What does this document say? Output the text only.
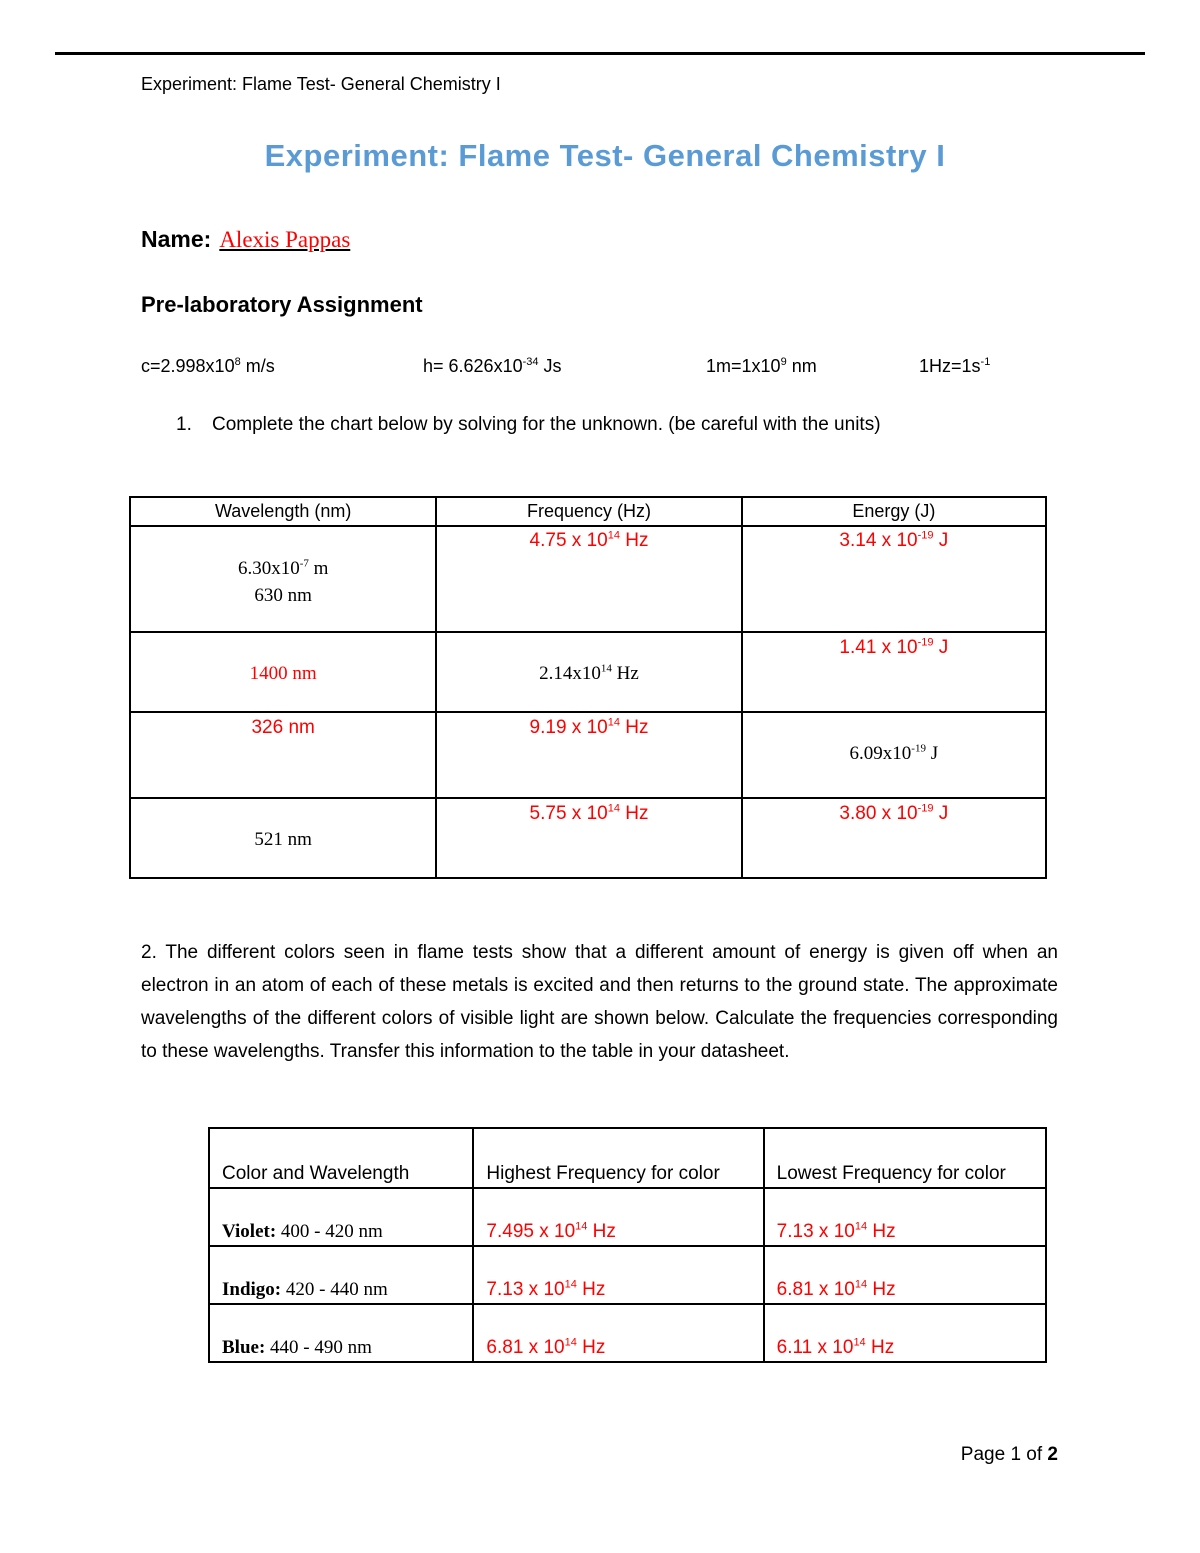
Experiment: Flame Test- General Chemistry I
Experiment: Flame Test- General Chemistry I
Name: Alexis Pappas
Pre-laboratory Assignment
$c=2.998x10^8$ m/s	$h= 6.626x10^{-34}$ Js	$1m=1x10^9$ nm	$1Hz=1s^{-1}$
1. Complete the chart below by solving for the unknown. (be careful with the units)
Wavelength (nm)	Frequency (Hz)	Energy (J)

$6.30x10^{-7}$ m
630 nm	4.75 x $10^{14}$ Hz	3.14 x $10^{-19}$ J

1400 nm	$2.14x10^{14}$ Hz	1.41 x $10^{-19}$ J

326 nm	9.19 x $10^{14}$ Hz	$6.09x10^{-19}$ J

521 nm	5.75 x $10^{14}$ Hz	3.80 x $10^{-19}$ J
2. The different colors seen in flame tests show that a different amount of energy is given off when an electron in an atom of each of these metals is excited and then returns to the ground state. The approximate wavelengths of the different colors of visible light are shown below. Calculate the frequencies corresponding to these wavelengths. Transfer this information to the table in your datasheet.
Color and Wavelength	Highest Frequency for color	Lowest Frequency for color
Violet: 400 - 420 nm	7.495 x $10^{14}$ Hz	7.13 x $10^{14}$ Hz
Indigo: 420 - 440 nm	7.13 x $10^{14}$ Hz	6.81 x $10^{14}$ Hz
Blue: 440 - 490 nm	6.81 x $10^{14}$ Hz	6.11 x $10^{14}$ Hz
Page 1 of 2
